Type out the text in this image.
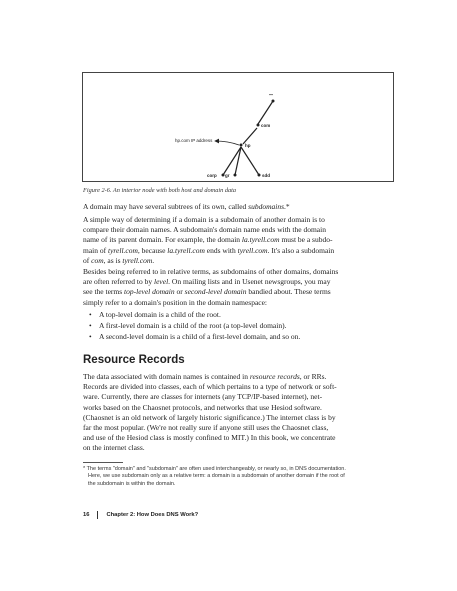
""
com
hp
corp gr	sdd
hp.com IP address
Figure 2-6. An interior node with both host and domain data

A domain may have several subtrees of its own, called subdomains.*

A simple way of determining if a domain is a subdomain of another domain is to

compare their domain names. A subdomain's domain name ends with the domain

name of its parent domain. For example, the domain la.tyrell.com must be a subdo-

main of tyrell.com, because la.tyrell.com ends with tyrell.com. It's also a subdomain

of com, as is tyrell.com.

Besides being referred to in relative terms, as subdomains of other domains, domains

are often referred to by level. On mailing lists and in Usenet newsgroups, you may

see the terms top-level domain or second-level domain bandied about. These terms

simply refer to a domain's position in the domain namespace:

• A top-level domain is a child of the root.
• A first-level domain is a child of the root (a top-level domain).
• A second-level domain is a child of a first-level domain, and so on.
Resource Records

The data associated with domain names is contained in resource records, or RRs.

Records are divided into classes, each of which pertains to a type of network or soft-

ware. Currently, there are classes for internets (any TCP/IP-based internet), net-

works based on the Chaosnet protocols, and networks that use Hesiod software.

(Chaosnet is an old network of largely historic significance.) The internet class is by

far the most popular. (We're not really sure if anyone still uses the Chaosnet class,

and use of the Hesiod class is mostly confined to MIT.) In this book, we concentrate

on the internet class.

* The terms "domain" and "subdomain" are often used interchangeably, or nearly so, in DNS documentation.
Here, we use subdomain only as a relative term: a domain is a subdomain of another domain if the root of
the subdomain is within the domain.
16	Chapter 2: How Does DNS Work?
